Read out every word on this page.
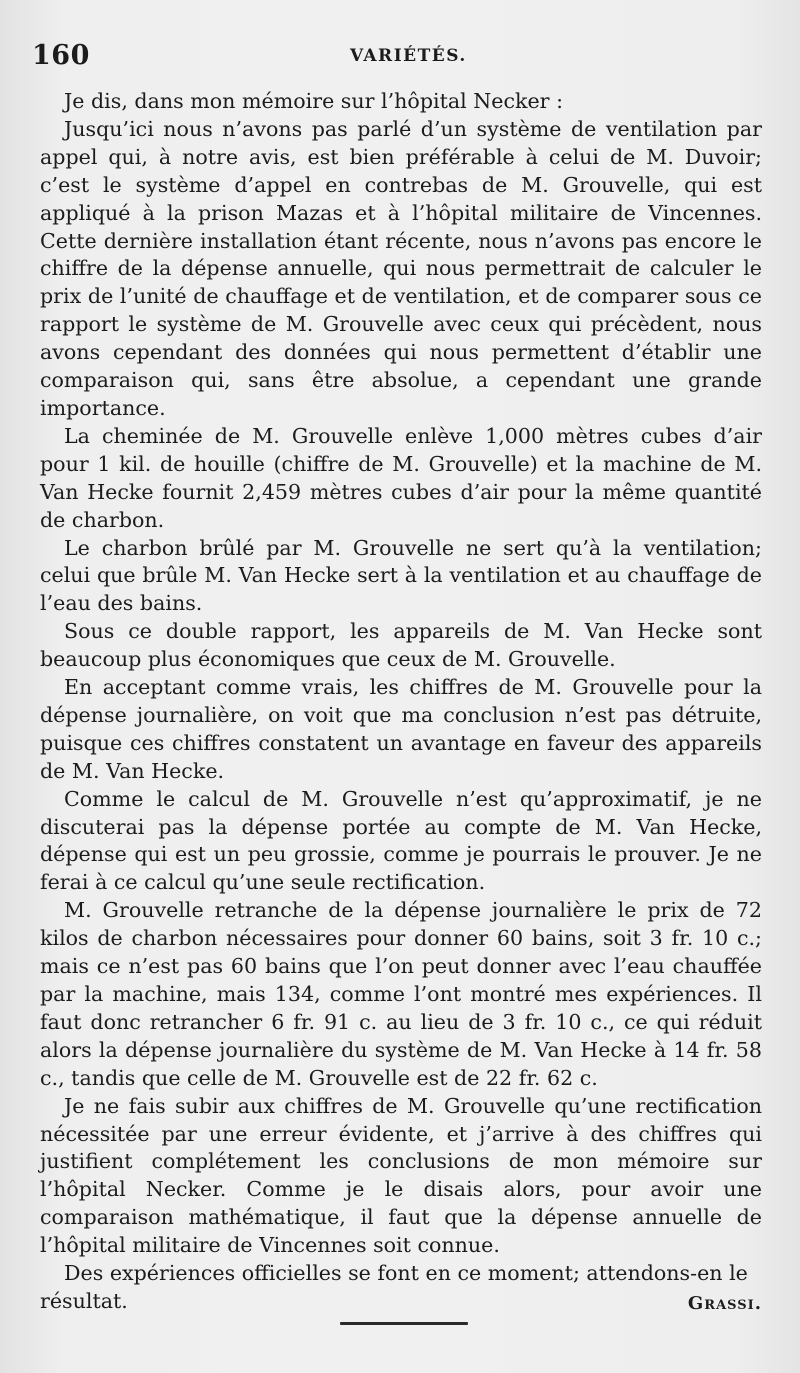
160	VARIÉTÉS.

Je dis, dans mon mémoire sur l’hôpital Necker :

Jusqu’ici nous n’avons pas parlé d’un système de ventilation par appel qui, à notre avis, est bien préférable à celui de M. Duvoir; c’est le système d’appel en contrebas de M. Grouvelle, qui est appliqué à la prison Mazas et à l’hôpital militaire de Vincennes. Cette dernière installation étant récente, nous n’avons pas encore le chiffre de la dépense annuelle, qui nous permettrait de calculer le prix de l’unité de chauffage et de ventilation, et de comparer sous ce rapport le système de M. Grouvelle avec ceux qui précèdent, nous avons cependant des données qui nous permettent d’établir une comparaison qui, sans être absolue, a cependant une grande importance.

La cheminée de M. Grouvelle enlève 1,000 mètres cubes d’air pour 1 kil. de houille (chiffre de M. Grouvelle) et la machine de M. Van Hecke fournit 2,459 mètres cubes d’air pour la même quantité de charbon.

Le charbon brûlé par M. Grouvelle ne sert qu’à la ventilation; celui que brûle M. Van Hecke sert à la ventilation et au chauffage de l’eau des bains.

Sous ce double rapport, les appareils de M. Van Hecke sont beaucoup plus économiques que ceux de M. Grouvelle.

En acceptant comme vrais, les chiffres de M. Grouvelle pour la dépense journalière, on voit que ma conclusion n’est pas détruite, puisque ces chiffres constatent un avantage en faveur des appareils de M. Van Hecke.

Comme le calcul de M. Grouvelle n’est qu’approximatif, je ne discuterai pas la dépense portée au compte de M. Van Hecke, dépense qui est un peu grossie, comme je pourrais le prouver. Je ne ferai à ce calcul qu’une seule rectification.

M. Grouvelle retranche de la dépense journalière le prix de 72 kilos de charbon nécessaires pour donner 60 bains, soit 3 fr. 10 c.; mais ce n’est pas 60 bains que l’on peut donner avec l’eau chauffée par la machine, mais 134, comme l’ont montré mes expériences. Il faut donc retrancher 6 fr. 91 c. au lieu de 3 fr. 10 c., ce qui réduit alors la dépense journalière du système de M. Van Hecke à 14 fr. 58 c., tandis que celle de M. Grouvelle est de 22 fr. 62 c.

Je ne fais subir aux chiffres de M. Grouvelle qu’une rectification nécessitée par une erreur évidente, et j’arrive à des chiffres qui justifient complétement les conclusions de mon mémoire sur l’hôpital Necker. Comme je le disais alors, pour avoir une comparaison mathématique, il faut que la dépense annuelle de l’hôpital militaire de Vincennes soit connue.

Des expériences officielles se font en ce moment; attendons-en le

résultat.	Grassi.
